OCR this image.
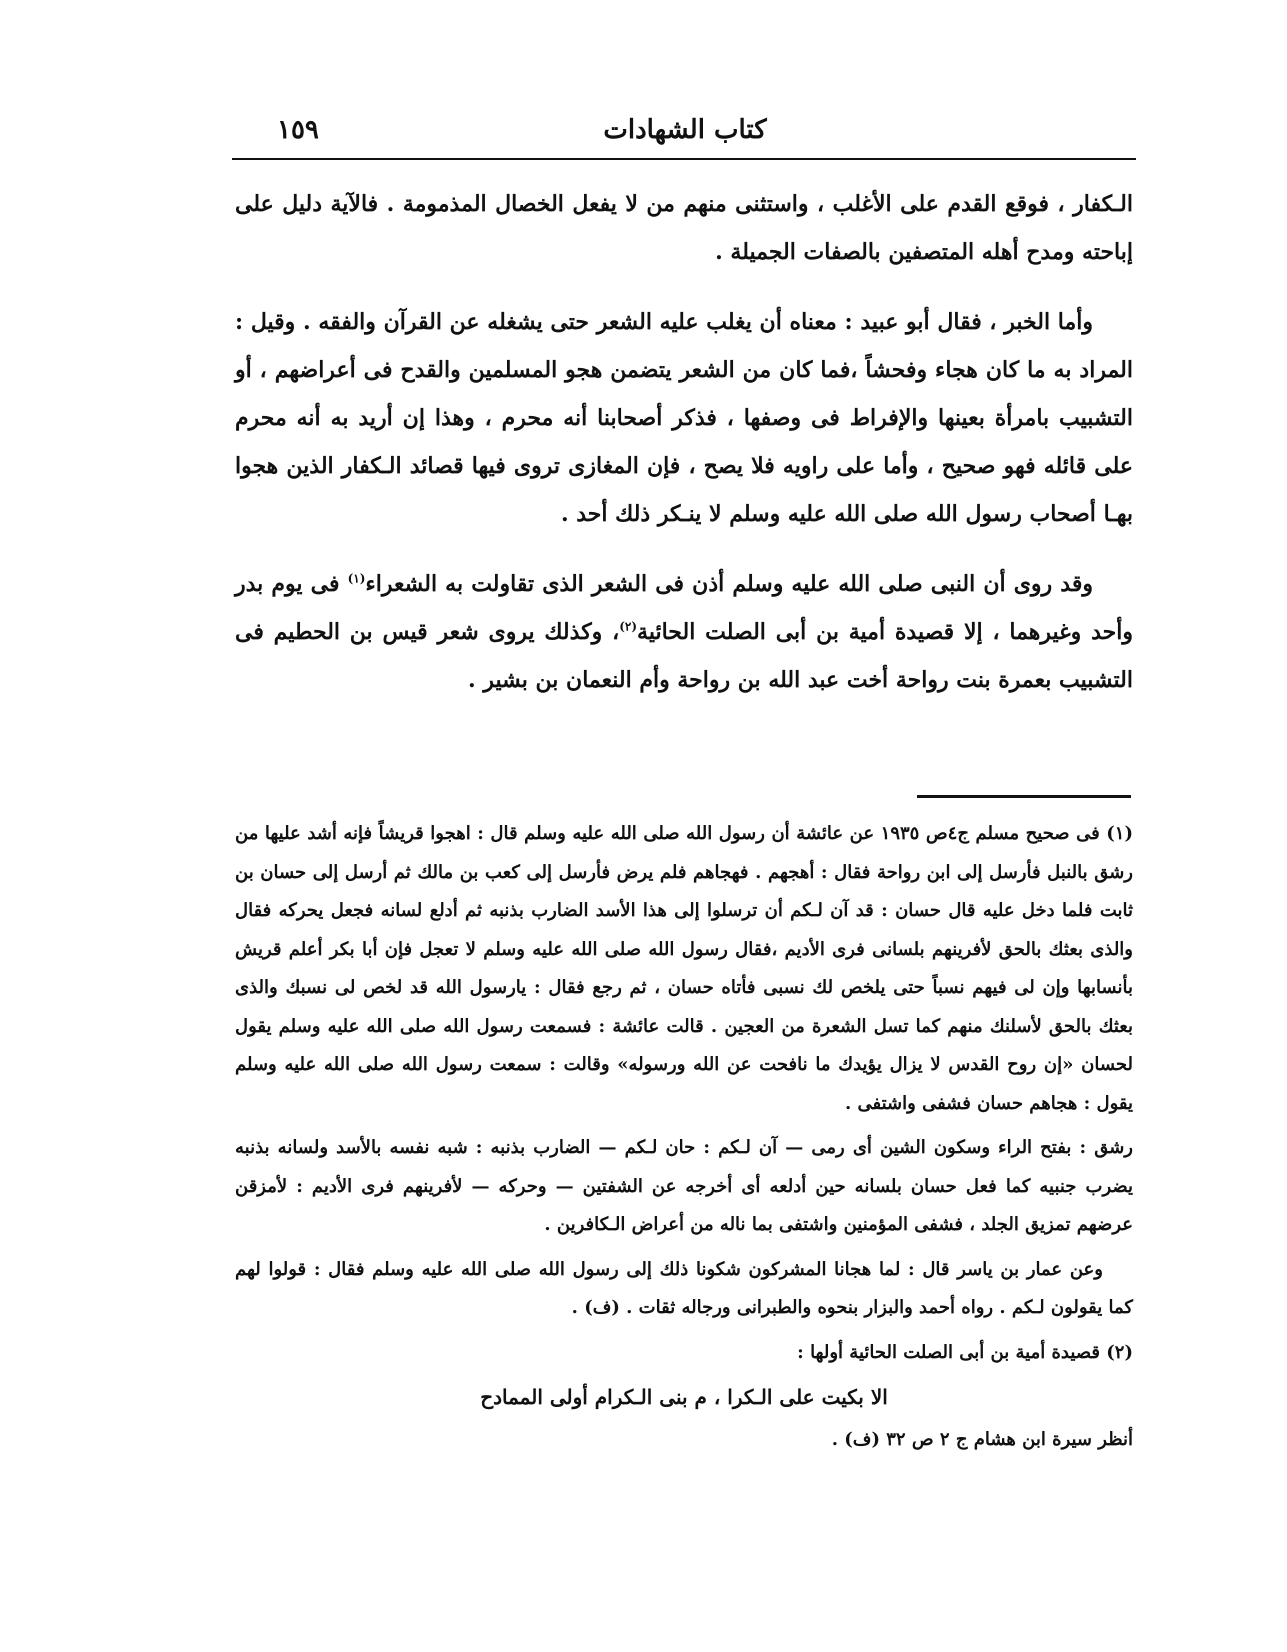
كتاب الشهادات
١٥٩

الـكفار ، فوقع القدم على الأغلب ، واستثنى منهم من لا يفعل الخصال المذمومة . فالآية دليل على إباحته ومدح أهله المتصفين بالصفات الجميلة .

وأما الخبر ، فقال أبو عبيد : معناه أن يغلب عليه الشعر حتى يشغله عن القرآن والفقه . وقيل : المراد به ما كان هجاء وفحشاً ،فما كان من الشعر يتضمن هجو المسلمين والقدح فى أعراضهم ، أو التشبيب بامرأة بعينها والإفراط فى وصفها ، فذكر أصحابنا أنه محرم ، وهذا إن أريد به أنه محرم على قائله فهو صحيح ، وأما على راويه فلا يصح ، فإن المغازى تروى فيها قصائد الـكفار الذين هجوا بهـا أصحاب رسول الله صلى الله عليه وسلم لا ينـكر ذلك أحد .

وقد روى أن النبى صلى الله عليه وسلم أذن فى الشعر الذى تقاولت به الشعراء$^{(١)}$ فى يوم بدر وأحد وغيرهما ، إلا قصيدة أمية بن أبى الصلت الحائية$^{(٢)}$، وكذلك يروى شعر قيس بن الحطيم فى التشبيب بعمرة بنت رواحة أخت عبد الله بن رواحة وأم النعمان بن بشير .

(١) فى صحيح مسلم ج٤ص ١٩٣٥ عن عائشة أن رسول الله صلى الله عليه وسلم قال : اهجوا قريشاً فإنه أشد عليها من رشق بالنبل فأرسل إلى ابن رواحة فقال : أهجهم . فهجاهم فلم يرض فأرسل إلى كعب بن مالك ثم أرسل إلى حسان بن ثابت فلما دخل عليه قال حسان : قد آن لـكم أن ترسلوا إلى هذا الأسد الضارب بذنبه ثم أدلع لسانه فجعل يحركه فقال والذى بعثك بالحق لأفرينهم بلسانى فرى الأديم ،فقال رسول الله صلى الله عليه وسلم لا تعجل فإن أبا بكر أعلم قريش بأنسابها وإن لى فيهم نسباً حتى يلخص لك نسبى فأتاه حسان ، ثم رجع فقال : يارسول الله قد لخص لى نسبك والذى بعثك بالحق لأسلنك منهم كما تسل الشعرة من العجين . قالت عائشة : فسمعت رسول الله صلى الله عليه وسلم يقول لحسان «إن روح القدس لا يزال يؤيدك ما نافحت عن الله ورسوله» وقالت : سمعت رسول الله صلى الله عليه وسلم يقول : هجاهم حسان فشفى واشتفى .

رشق : بفتح الراء وسكون الشين أى رمى — آن لـكم : حان لـكم — الضارب بذنبه : شبه نفسه بالأسد ولسانه بذنبه يضرب جنبيه كما فعل حسان بلسانه حين أدلعه أى أخرجه عن الشفتين — وحركه — لأفرينهم فرى الأديم : لأمزقن عرضهم تمزيق الجلد ، فشفى المؤمنين واشتفى بما ناله من أعراض الـكافرين .

وعن عمار بن ياسر قال : لما هجانا المشركون شكونا ذلك إلى رسول الله صلى الله عليه وسلم فقال : قولوا لهم كما يقولون لـكم . رواه أحمد والبزار بنحوه والطبرانى ورجاله ثقات . (ف) .

(٢) قصيدة أمية بن أبى الصلت الحائية أولها :

الا بكيت على الـكرا ، م بنى الـكرام أولى الممادح

أنظر سيرة ابن هشام ج ٢ ص ٣٢ (ف) .
